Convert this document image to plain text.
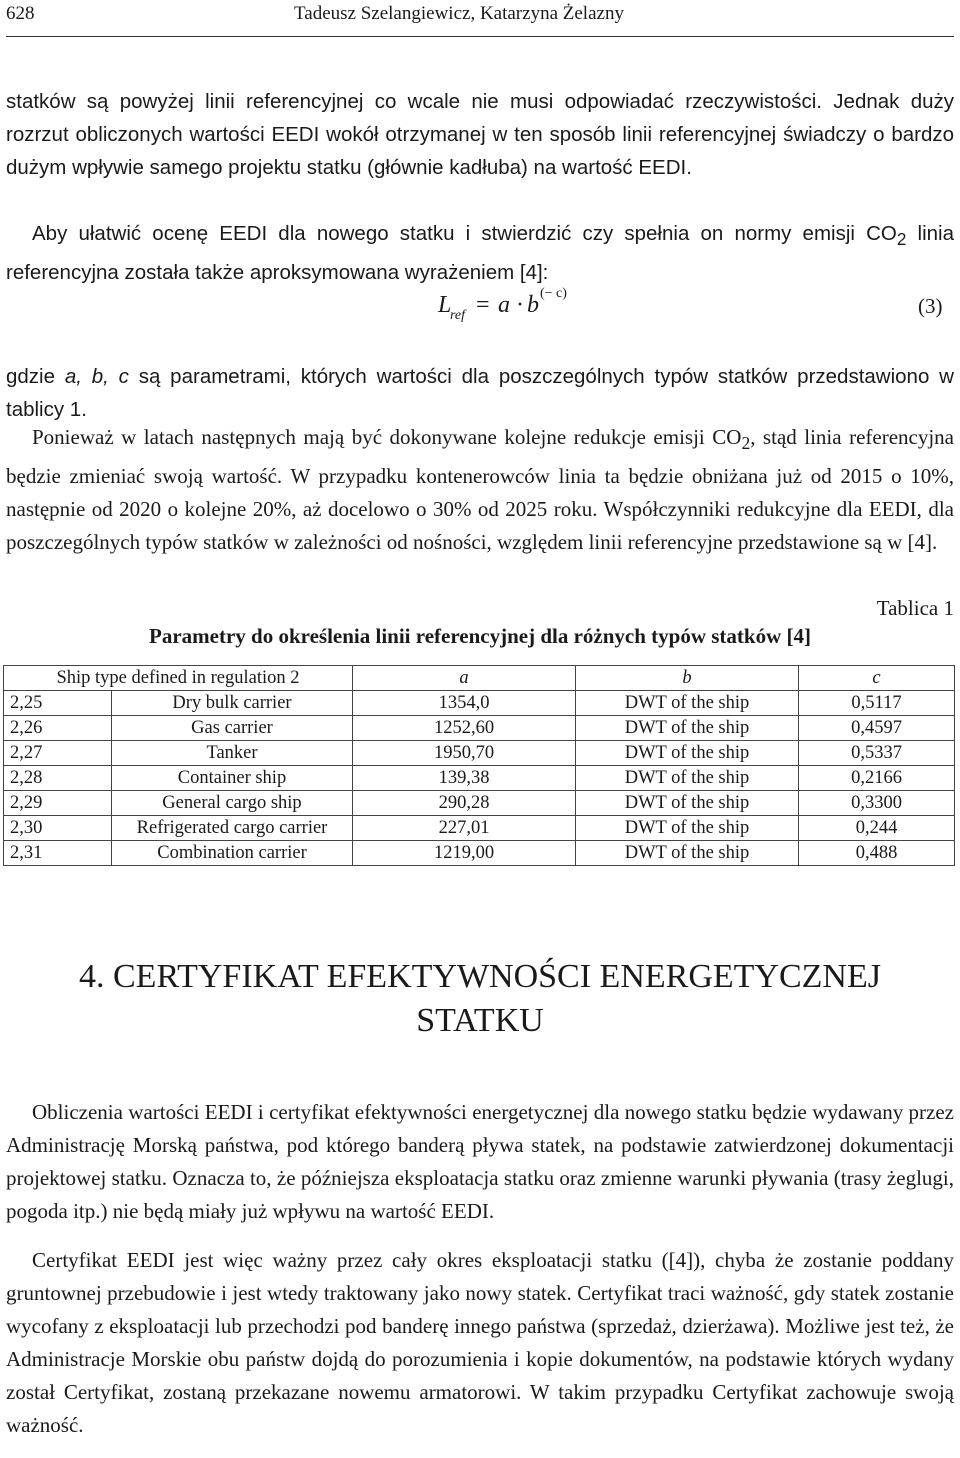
628	Tadeusz Szelangiewicz, Katarzyna Żelazny

statków są powyżej linii referencyjnej co wcale nie musi odpowiadać rzeczywistości. Jednak duży rozrzut obliczonych wartości EEDI wokół otrzymanej w ten sposób linii referencyjnej świadczy o bardzo dużym wpływie samego projektu statku (głównie kadłuba) na wartość EEDI.

Aby ułatwić ocenę EEDI dla nowego statku i stwierdzić czy spełnia on normy emisji $CO_2$ linia referencyjna została także aproksymowana wyrażeniem [4]:

L
ref = a · b (− c)
(3)

gdzie a, b, c są parametrami, których wartości dla poszczególnych typów statków przedstawiono w tablicy 1.

Ponieważ w latach następnych mają być dokonywane kolejne redukcje emisji $CO_2$, stąd linia referencyjna będzie zmieniać swoją wartość. W przypadku kontenerowców linia ta będzie obniżana już od 2015 o 10%, następnie od 2020 o kolejne 20%, aż docelowo o 30% od 2025 roku. Współczynniki redukcyjne dla EEDI, dla poszczególnych typów statków w zależności od nośności, względem linii referencyjne przedstawione są w [4].

Tablica 1
Parametry do określenia linii referencyjnej dla różnych typów statków [4]
Ship type defined in regulation 2		a	b	c
2,25	Dry bulk carrier	1354,0	DWT of the ship	0,5117
2,26	Gas carrier	1252,60	DWT of the ship	0,4597
2,27	Tanker	1950,70	DWT of the ship	0,5337
2,28	Container ship	139,38	DWT of the ship	0,2166
2,29	General cargo ship	290,28	DWT of the ship	0,3300
2,30	Refrigerated cargo carrier	227,01	DWT of the ship	0,244
2,31	Combination carrier	1219,00	DWT of the ship	0,488
4. CERTYFIKAT EFEKTYWNOŚCI ENERGETYCZNEJ
STATKU

Obliczenia wartości EEDI i certyfikat efektywności energetycznej dla nowego statku będzie wydawany przez Administrację Morską państwa, pod którego banderą pływa statek, na podstawie zatwierdzonej dokumentacji projektowej statku. Oznacza to, że późniejsza eksploatacja statku oraz zmienne warunki pływania (trasy żeglugi, pogoda itp.) nie będą miały już wpływu na wartość EEDI.

Certyfikat EEDI jest więc ważny przez cały okres eksploatacji statku ([4]), chyba że zostanie poddany gruntownej przebudowie i jest wtedy traktowany jako nowy statek. Certyfikat traci ważność, gdy statek zostanie wycofany z eksploatacji lub przechodzi pod banderę innego państwa (sprzedaż, dzierżawa). Możliwe jest też, że Administracje Morskie obu państw dojdą do porozumienia i kopie dokumentów, na podstawie których wydany został Certyfikat, zostaną przekazane nowemu armatorowi. W takim przypadku Certyfikat zachowuje swoją ważność.
